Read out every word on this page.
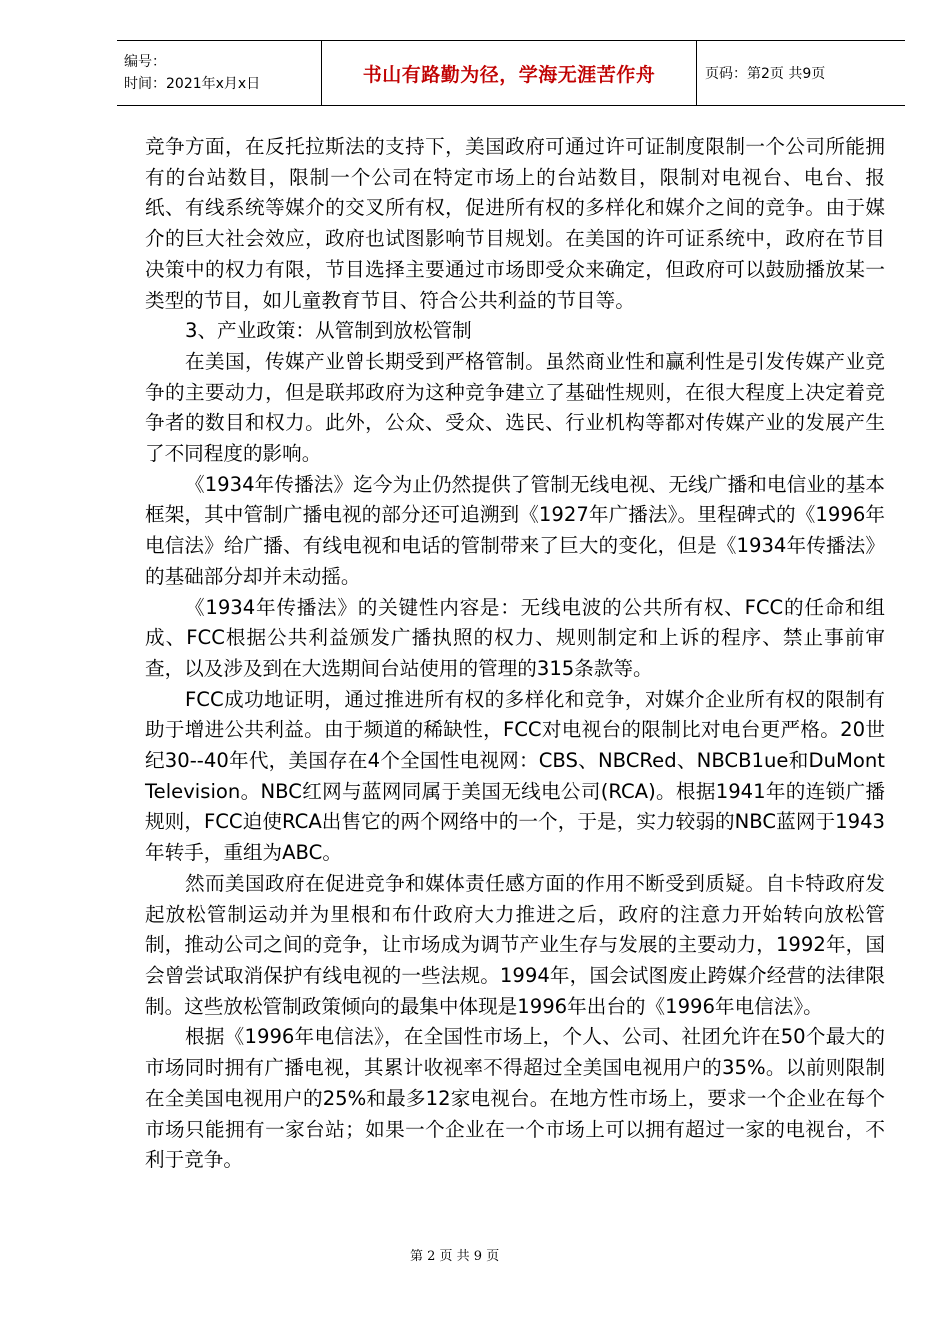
编号：
时间：2021年x月x日	书山有路勤为径，学海无涯苦作舟	页码：第2页 共9页

竞争方面，在反托拉斯法的支持下，美国政府可通过许可证制度限制一个公司所能拥有的台站数目，限制一个公司在特定市场上的台站数目，限制对电视台、电台、报纸、有线系统等媒介的交叉所有权，促进所有权的多样化和媒介之间的竞争。由于媒介的巨大社会效应，政府也试图影响节目规划。在美国的许可证系统中，政府在节目决策中的权力有限，节目选择主要通过市场即受众来确定，但政府可以鼓励播放某一类型的节目，如儿童教育节目、符合公共利益的节目等。

3、产业政策：从管制到放松管制

在美国，传媒产业曾长期受到严格管制。虽然商业性和赢利性是引发传媒产业竞争的主要动力，但是联邦政府为这种竞争建立了基础性规则，在很大程度上决定着竞争者的数目和权力。此外，公众、受众、选民、行业机构等都对传媒产业的发展产生了不同程度的影响。

《1934年传播法》迄今为止仍然提供了管制无线电视、无线广播和电信业的基本框架，其中管制广播电视的部分还可追溯到《1927年广播法》。里程碑式的《1996年电信法》给广播、有线电视和电话的管制带来了巨大的变化，但是《1934年传播法》的基础部分却并未动摇。

《1934年传播法》的关键性内容是：无线电波的公共所有权、FCC的任命和组成、FCC根据公共利益颁发广播执照的权力、规则制定和上诉的程序、禁止事前审查，以及涉及到在大选期间台站使用的管理的315条款等。

FCC成功地证明，通过推进所有权的多样化和竞争，对媒介企业所有权的限制有助于增进公共利益。由于频道的稀缺性，FCC对电视台的限制比对电台更严格。20世纪30--40年代，美国存在4个全国性电视网：CBS、NBCRed、NBCB1ue和DuMont Television。NBC红网与蓝网同属于美国无线电公司(RCA)。根据1941年的连锁广播规则，FCC迫使RCA出售它的两个网络中的一个，于是，实力较弱的NBC蓝网于1943年转手，重组为ABC。

然而美国政府在促进竞争和媒体责任感方面的作用不断受到质疑。自卡特政府发起放松管制运动并为里根和布什政府大力推进之后，政府的注意力开始转向放松管制，推动公司之间的竞争，让市场成为调节产业生存与发展的主要动力，1992年，国会曾尝试取消保护有线电视的一些法规。1994年，国会试图废止跨媒介经营的法律限制。这些放松管制政策倾向的最集中体现是1996年出台的《1996年电信法》。

根据《1996年电信法》，在全国性市场上，个人、公司、社团允许在50个最大的市场同时拥有广播电视，其累计收视率不得超过全美国电视用户的35%。以前则限制在全美国电视用户的25%和最多12家电视台。在地方性市场上，要求一个企业在每个市场只能拥有一家台站；如果一个企业在一个市场上可以拥有超过一家的电视台，不利于竞争。

第 2 页 共 9 页
